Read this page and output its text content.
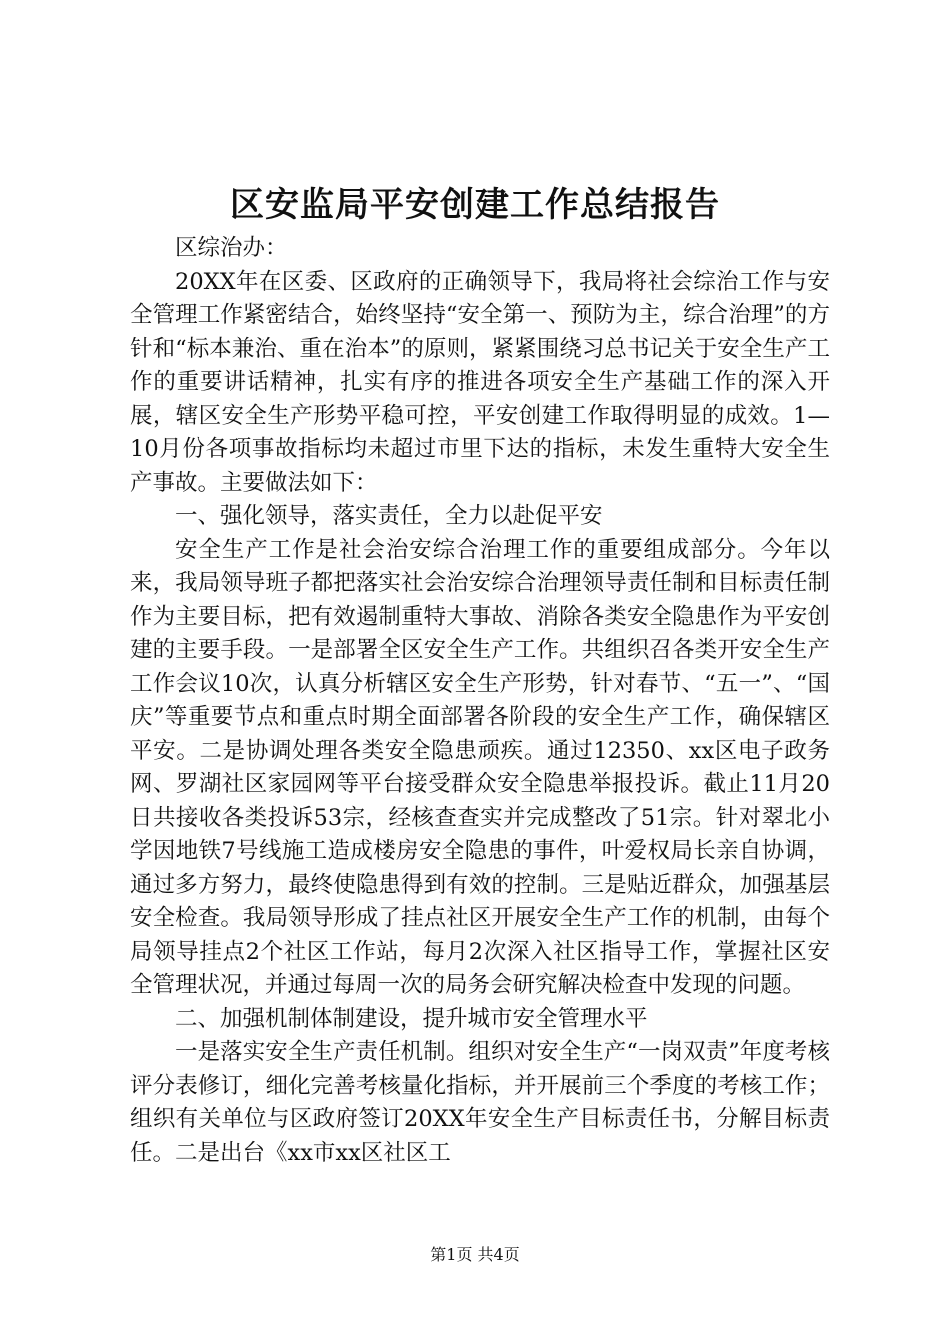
区安监局平安创建工作总结报告

区综治办：

20XX年在区委、区政府的正确领导下，我局将社会综治工作与安全管理工作紧密结合，始终坚持“安全第一、预防为主，综合治理”的方针和“标本兼治、重在治本”的原则，紧紧围绕习总书记关于安全生产工作的重要讲话精神，扎实有序的推进各项安全生产基础工作的深入开展，辖区安全生产形势平稳可控，平安创建工作取得明显的成效。1—10月份各项事故指标均未超过市里下达的指标，未发生重特大安全生产事故。主要做法如下：

一、强化领导，落实责任，全力以赴促平安

安全生产工作是社会治安综合治理工作的重要组成部分。今年以来，我局领导班子都把落实社会治安综合治理领导责任制和目标责任制作为主要目标，把有效遏制重特大事故、消除各类安全隐患作为平安创建的主要手段。一是部署全区安全生产工作。共组织召各类开安全生产工作会议10次，认真分析辖区安全生产形势，针对春节、“五一”、“国庆”等重要节点和重点时期全面部署各阶段的安全生产工作，确保辖区平安。二是协调处理各类安全隐患顽疾。通过12350、xx区电子政务网、罗湖社区家园网等平台接受群众安全隐患举报投诉。截止11月20日共接收各类投诉53宗，经核查查实并完成整改了51宗。针对翠北小学因地铁7号线施工造成楼房安全隐患的事件，叶爱权局长亲自协调，通过多方努力，最终使隐患得到有效的控制。三是贴近群众，加强基层安全检查。我局领导形成了挂点社区开展安全生产工作的机制，由每个局领导挂点2个社区工作站，每月2次深入社区指导工作，掌握社区安全管理状况，并通过每周一次的局务会研究解决检查中发现的问题。

二、加强机制体制建设，提升城市安全管理水平

一是落实安全生产责任机制。组织对安全生产“一岗双责”年度考核评分表修订，细化完善考核量化指标，并开展前三个季度的考核工作；组织有关单位与区政府签订20XX年安全生产目标责任书，分解目标责任。二是出台《xx市xx区社区工

第1页 共4页
